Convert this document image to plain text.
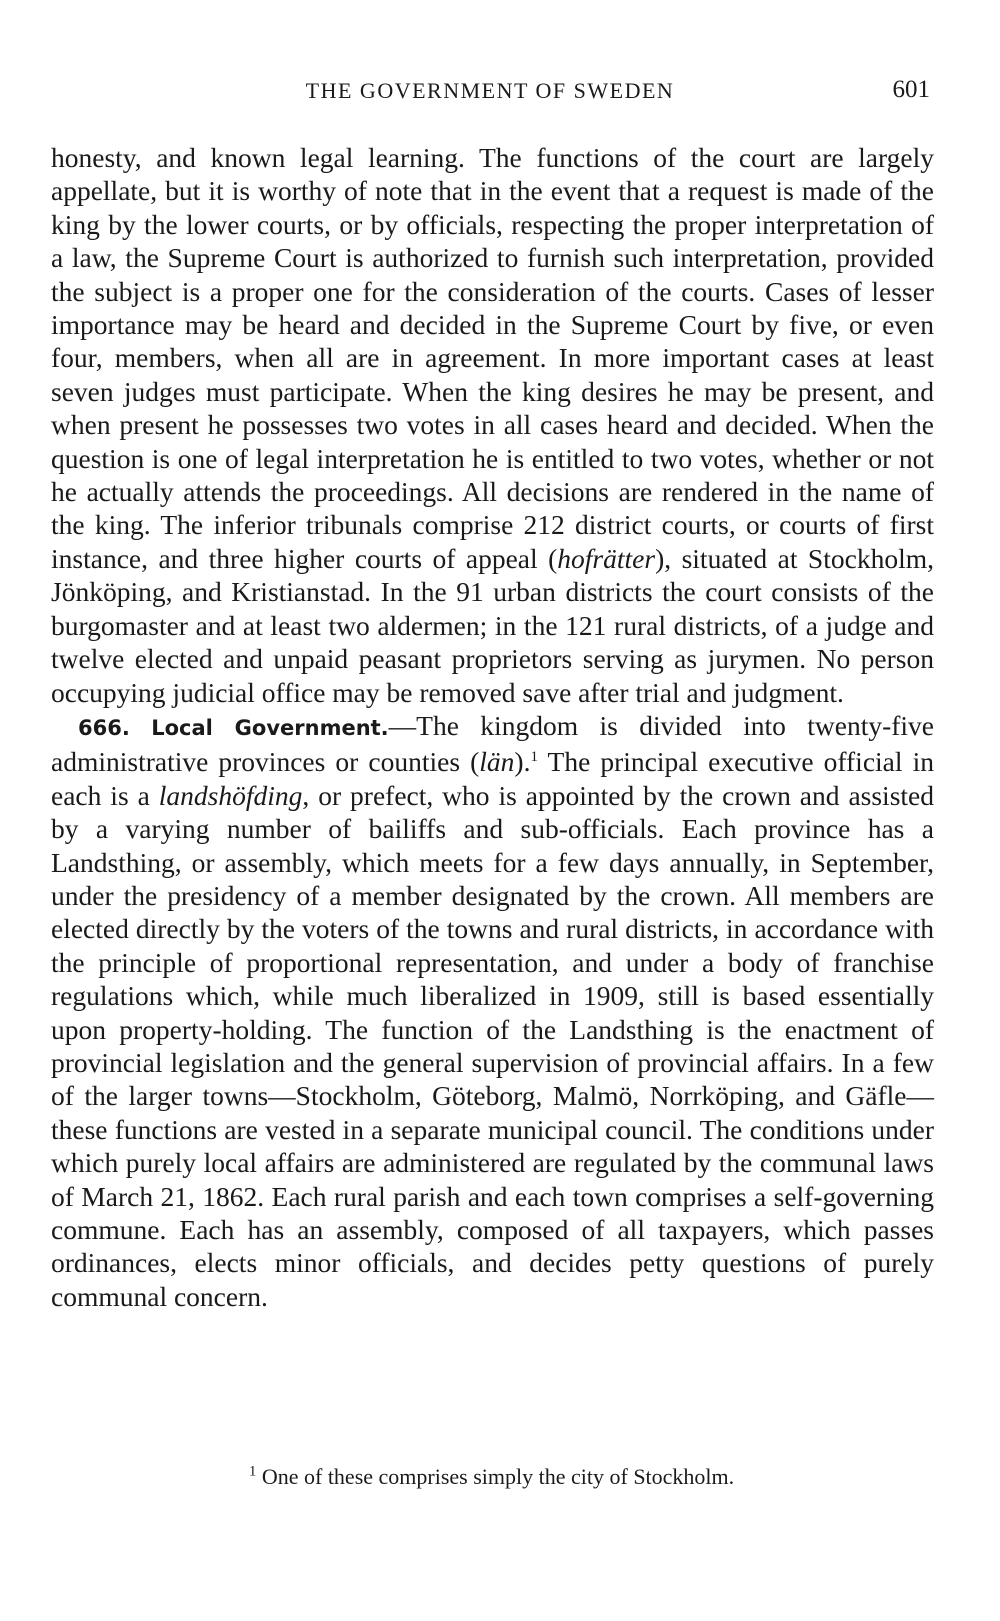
THE GOVERNMENT OF SWEDEN	601

honesty, and known legal learning. The functions of the court are largely appellate, but it is worthy of note that in the event that a request is made of the king by the lower courts, or by officials, respecting the proper interpretation of a law, the Supreme Court is authorized to furnish such interpretation, provided the subject is a proper one for the consideration of the courts. Cases of lesser importance may be heard and decided in the Supreme Court by five, or even four, members, when all are in agreement. In more important cases at least seven judges must participate. When the king desires he may be present, and when present he possesses two votes in all cases heard and decided. When the question is one of legal interpretation he is entitled to two votes, whether or not he actually attends the proceedings. All decisions are rendered in the name of the king. The inferior tribunals comprise 212 district courts, or courts of first instance, and three higher courts of appeal (hofrätter), situated at Stockholm, Jönköping, and Kristianstad. In the 91 urban districts the court consists of the burgomaster and at least two aldermen; in the 121 rural districts, of a judge and twelve elected and unpaid peasant proprietors serving as jurymen. No person occupying judicial office may be removed save after trial and judgment.

666. Local Government.—The kingdom is divided into twenty-five administrative provinces or counties (län).$^1$ The principal executive official in each is a landshöfding, or prefect, who is appointed by the crown and assisted by a varying number of bailiffs and sub-officials. Each province has a Landsthing, or assembly, which meets for a few days annually, in September, under the presidency of a member designated by the crown. All members are elected directly by the voters of the towns and rural districts, in accordance with the principle of proportional representation, and under a body of franchise regulations which, while much liberalized in 1909, still is based essentially upon property-holding. The function of the Landsthing is the enactment of provincial legislation and the general supervision of provincial affairs. In a few of the larger towns—Stockholm, Göteborg, Malmö, Norrköping, and Gäfle—these functions are vested in a separate municipal council. The conditions under which purely local affairs are administered are regulated by the communal laws of March 21, 1862. Each rural parish and each town comprises a self-governing commune. Each has an assembly, composed of all taxpayers, which passes ordinances, elects minor officials, and decides petty questions of purely communal concern.

$^1$ One of these comprises simply the city of Stockholm.
